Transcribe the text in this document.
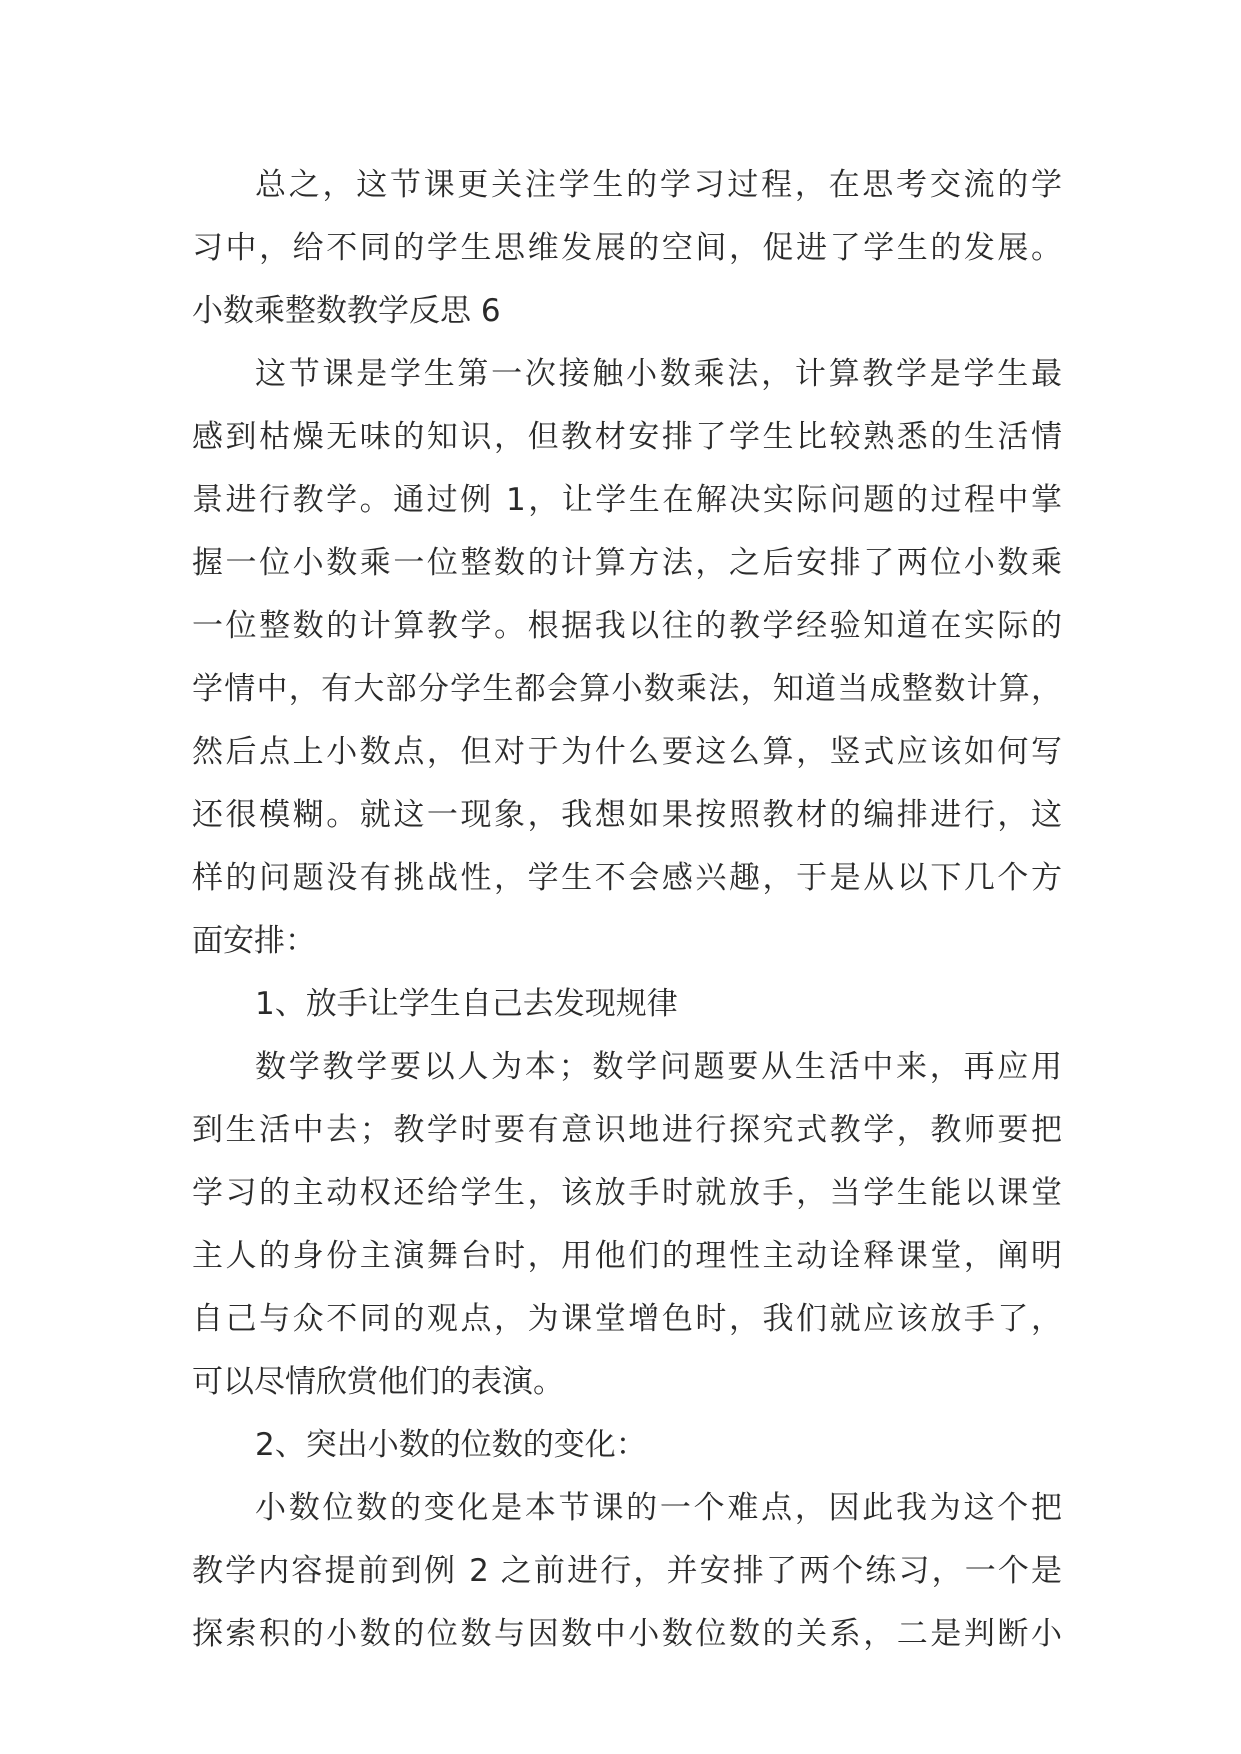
总之，这节课更关注学生的学习过程，在思考交流的学
习中，给不同的学生思维发展的空间，促进了学生的发展。
小数乘整数教学反思 6
这节课是学生第一次接触小数乘法，计算教学是学生最
感到枯燥无味的知识，但教材安排了学生比较熟悉的生活情
景进行教学。通过例 1，让学生在解决实际问题的过程中掌
握一位小数乘一位整数的计算方法，之后安排了两位小数乘
一位整数的计算教学。根据我以往的教学经验知道在实际的
学情中，有大部分学生都会算小数乘法，知道当成整数计算，
然后点上小数点，但对于为什么要这么算，竖式应该如何写
还很模糊。就这一现象，我想如果按照教材的编排进行，这
样的问题没有挑战性，学生不会感兴趣，于是从以下几个方
面安排：
1、放手让学生自己去发现规律
数学教学要以人为本；数学问题要从生活中来，再应用
到生活中去；教学时要有意识地进行探究式教学，教师要把
学习的主动权还给学生，该放手时就放手，当学生能以课堂
主人的身份主演舞台时，用他们的理性主动诠释课堂，阐明
自己与众不同的观点，为课堂增色时，我们就应该放手了，
可以尽情欣赏他们的表演。
2、突出小数的位数的变化：
小数位数的变化是本节课的一个难点，因此我为这个把
教学内容提前到例 2 之前进行，并安排了两个练习，一个是
探索积的小数的位数与因数中小数位数的关系，二是判断小
